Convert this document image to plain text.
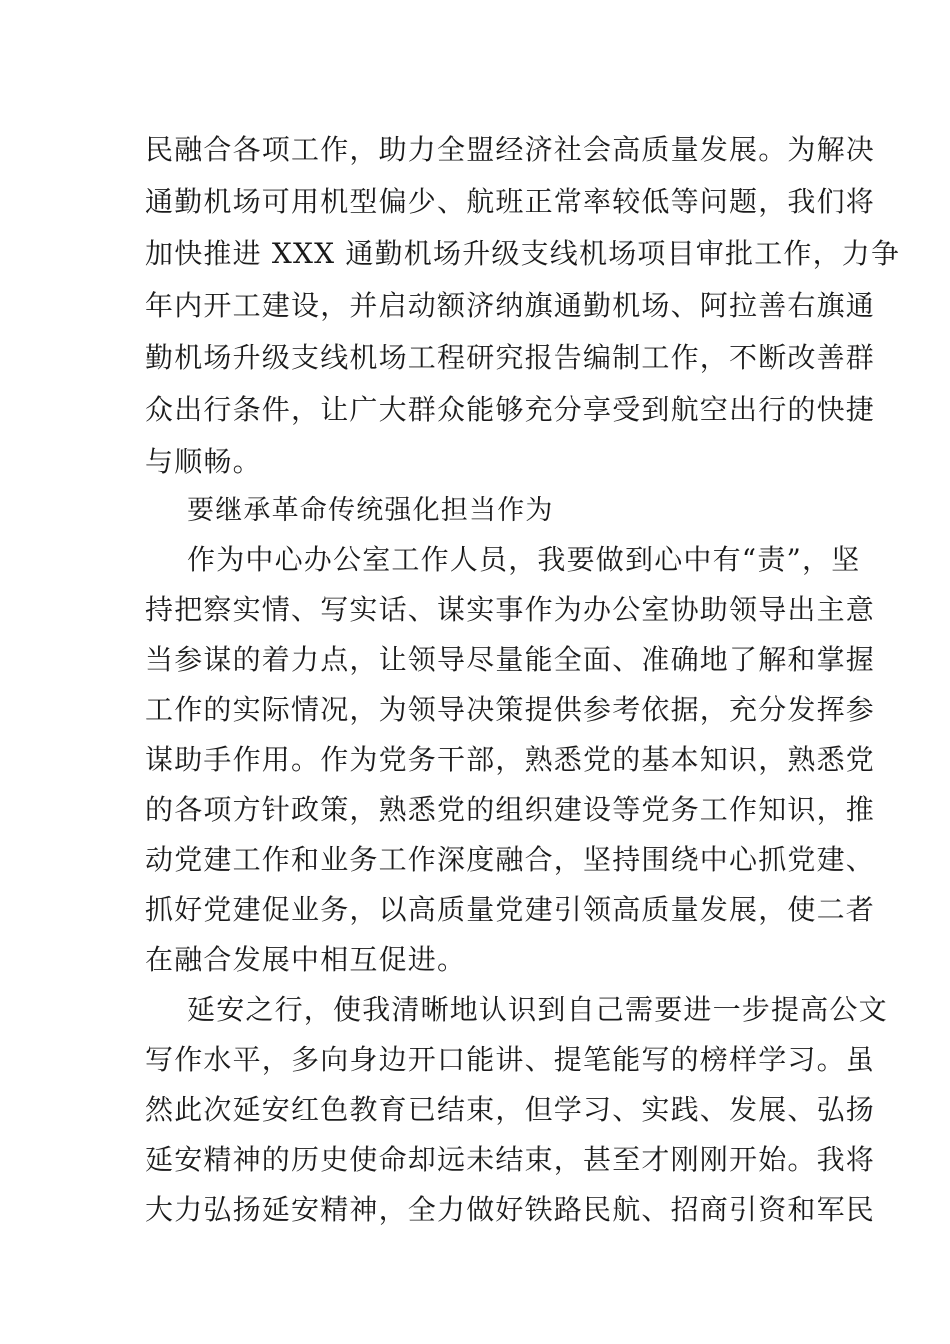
民融合各项工作，助力全盟经济社会高质量发展。为解决
通勤机场可用机型偏少、航班正常率较低等问题，我们将
加快推进 XXX 通勤机场升级支线机场项目审批工作，力争
年内开工建设，并启动额济纳旗通勤机场、阿拉善右旗通
勤机场升级支线机场工程研究报告编制工作，不断改善群
众出行条件，让广大群众能够充分享受到航空出行的快捷
与顺畅。
要继承革命传统强化担当作为
作为中心办公室工作人员，我要做到心中有“责”，坚
持把察实情、写实话、谋实事作为办公室协助领导出主意
当参谋的着力点，让领导尽量能全面、准确地了解和掌握
工作的实际情况，为领导决策提供参考依据，充分发挥参
谋助手作用。作为党务干部，熟悉党的基本知识，熟悉党
的各项方针政策，熟悉党的组织建设等党务工作知识，推
动党建工作和业务工作深度融合，坚持围绕中心抓党建、
抓好党建促业务，以高质量党建引领高质量发展，使二者
在融合发展中相互促进。
延安之行，使我清晰地认识到自己需要进一步提高公文
写作水平，多向身边开口能讲、提笔能写的榜样学习。虽
然此次延安红色教育已结束，但学习、实践、发展、弘扬
延安精神的历史使命却远未结束，甚至才刚刚开始。我将
大力弘扬延安精神，全力做好铁路民航、招商引资和军民
